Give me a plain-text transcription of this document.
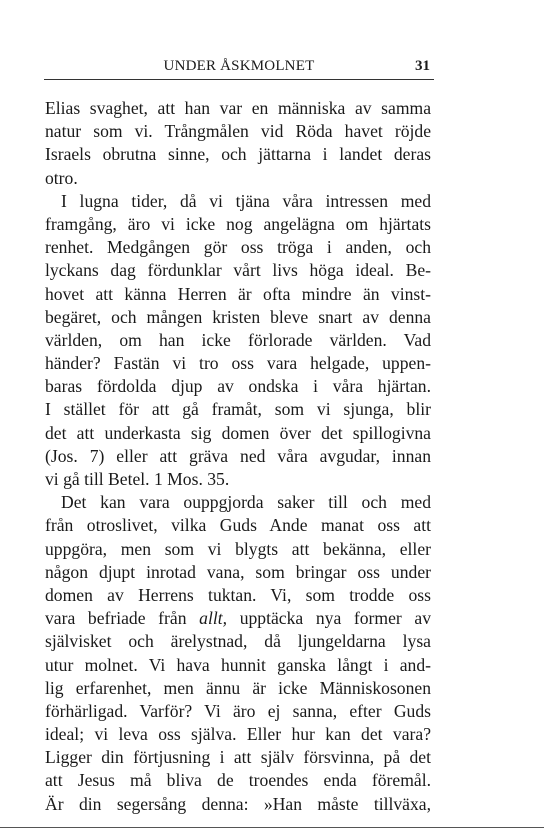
UNDER ÅSKMOLNET	31
Elias svaghet, att han var en människa av samma
natur som vi. Trångmålen vid Röda havet röjde
Israels obrutna sinne, och jättarna i landet deras
otro.
I lugna tider, då vi tjäna våra intressen med
framgång, äro vi icke nog angelägna om hjärtats
renhet. Medgången gör oss tröga i anden, och
lyckans dag fördunklar vårt livs höga ideal. Be-
hovet att känna Herren är ofta mindre än vinst-
begäret, och mången kristen bleve snart av denna
världen, om han icke förlorade världen. Vad
händer? Fastän vi tro oss vara helgade, uppen-
baras fördolda djup av ondska i våra hjärtan.
I stället för att gå framåt, som vi sjunga, blir
det att underkasta sig domen över det spillogivna
(Jos. 7) eller att gräva ned våra avgudar, innan
vi gå till Betel. 1 Mos. 35.
Det kan vara ouppgjorda saker till och med
från otroslivet, vilka Guds Ande manat oss att
uppgöra, men som vi blygts att bekänna, eller
någon djupt inrotad vana, som bringar oss under
domen av Herrens tuktan. Vi, som trodde oss
vara befriade från allt, upptäcka nya former av
självisket och ärelystnad, då ljungeldarna lysa
utur molnet. Vi hava hunnit ganska långt i and-
lig erfarenhet, men ännu är icke Människosonen
förhärligad. Varför? Vi äro ej sanna, efter Guds
ideal; vi leva oss själva. Eller hur kan det vara?
Ligger din förtjusning i att själv försvinna, på det
att Jesus må bliva de troendes enda föremål.
Är din segersång denna: »Han måste tillväxa,
